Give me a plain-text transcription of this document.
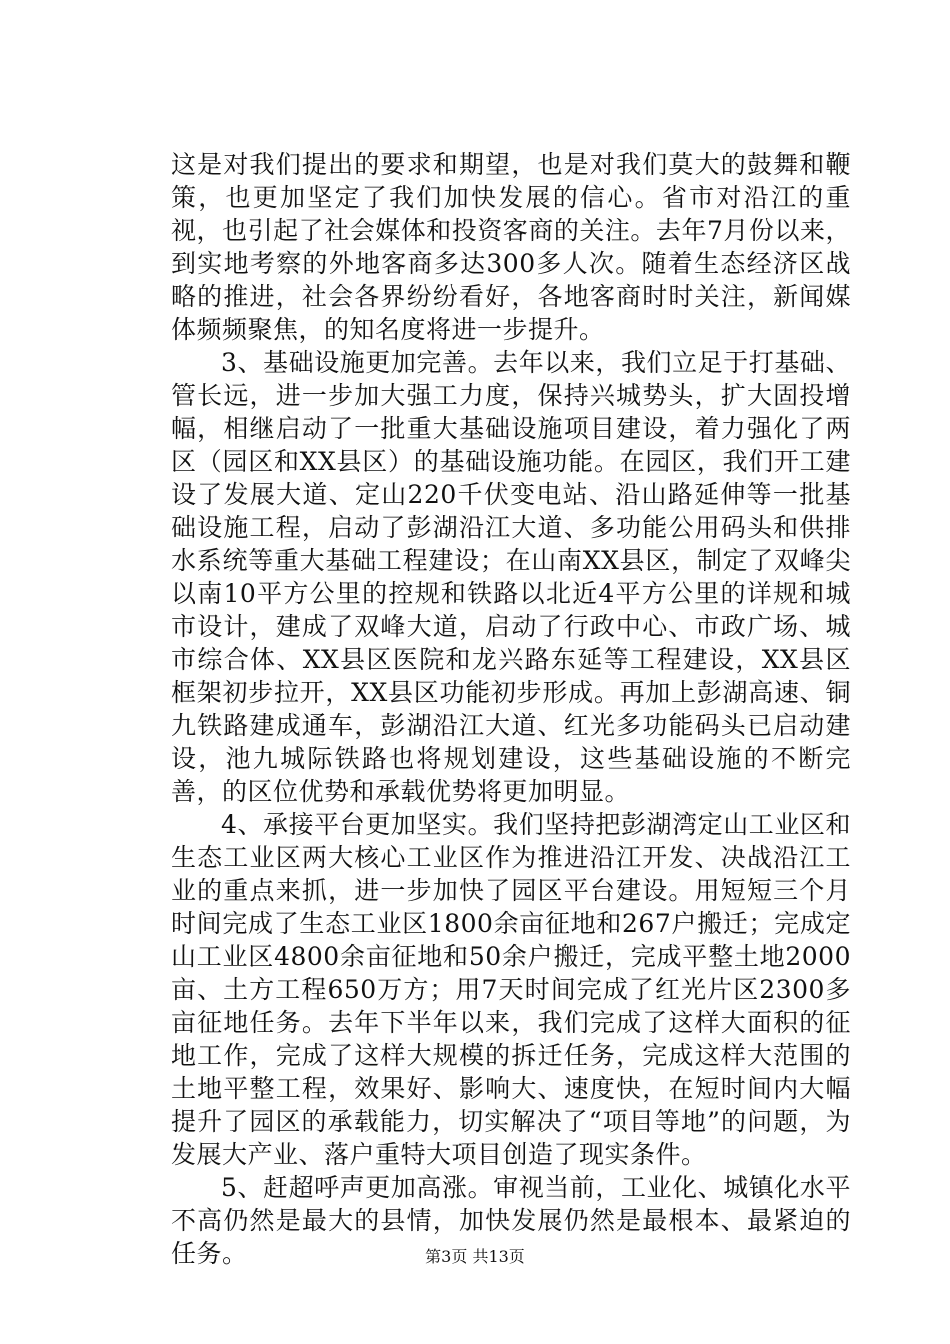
这是对我们提出的要求和期望，也是对我们莫大的鼓舞和鞭策，也更加坚定了我们加快发展的信心。省市对沿江的重视，也引起了社会媒体和投资客商的关注。去年7月份以来，到实地考察的外地客商多达300多人次。随着生态经济区战略的推进，社会各界纷纷看好，各地客商时时关注，新闻媒体频频聚焦，的知名度将进一步提升。

3、基础设施更加完善。去年以来，我们立足于打基础、管长远，进一步加大强工力度，保持兴城势头，扩大固投增幅，相继启动了一批重大基础设施项目建设，着力强化了两区（园区和XX县区）的基础设施功能。在园区，我们开工建设了发展大道、定山220千伏变电站、沿山路延伸等一批基础设施工程，启动了彭湖沿江大道、多功能公用码头和供排水系统等重大基础工程建设；在山南XX县区，制定了双峰尖以南10平方公里的控规和铁路以北近4平方公里的详规和城市设计，建成了双峰大道，启动了行政中心、市政广场、城市综合体、XX县区医院和龙兴路东延等工程建设，XX县区框架初步拉开，XX县区功能初步形成。再加上彭湖高速、铜九铁路建成通车，彭湖沿江大道、红光多功能码头已启动建设，池九城际铁路也将规划建设，这些基础设施的不断完善，的区位优势和承载优势将更加明显。

4、承接平台更加坚实。我们坚持把彭湖湾定山工业区和生态工业区两大核心工业区作为推进沿江开发、决战沿江工业的重点来抓，进一步加快了园区平台建设。用短短三个月时间完成了生态工业区1800余亩征地和267户搬迁；完成定山工业区4800余亩征地和50余户搬迁，完成平整土地2000亩、土方工程650万方；用7天时间完成了红光片区2300多亩征地任务。去年下半年以来，我们完成了这样大面积的征地工作，完成了这样大规模的拆迁任务，完成这样大范围的土地平整工程，效果好、影响大、速度快，在短时间内大幅提升了园区的承载能力，切实解决了“项目等地”的问题，为发展大产业、落户重特大项目创造了现实条件。

5、赶超呼声更加高涨。审视当前，工业化、城镇化水平不高仍然是最大的县情，加快发展仍然是最根本、最紧迫的任务。	第3页 共13页
